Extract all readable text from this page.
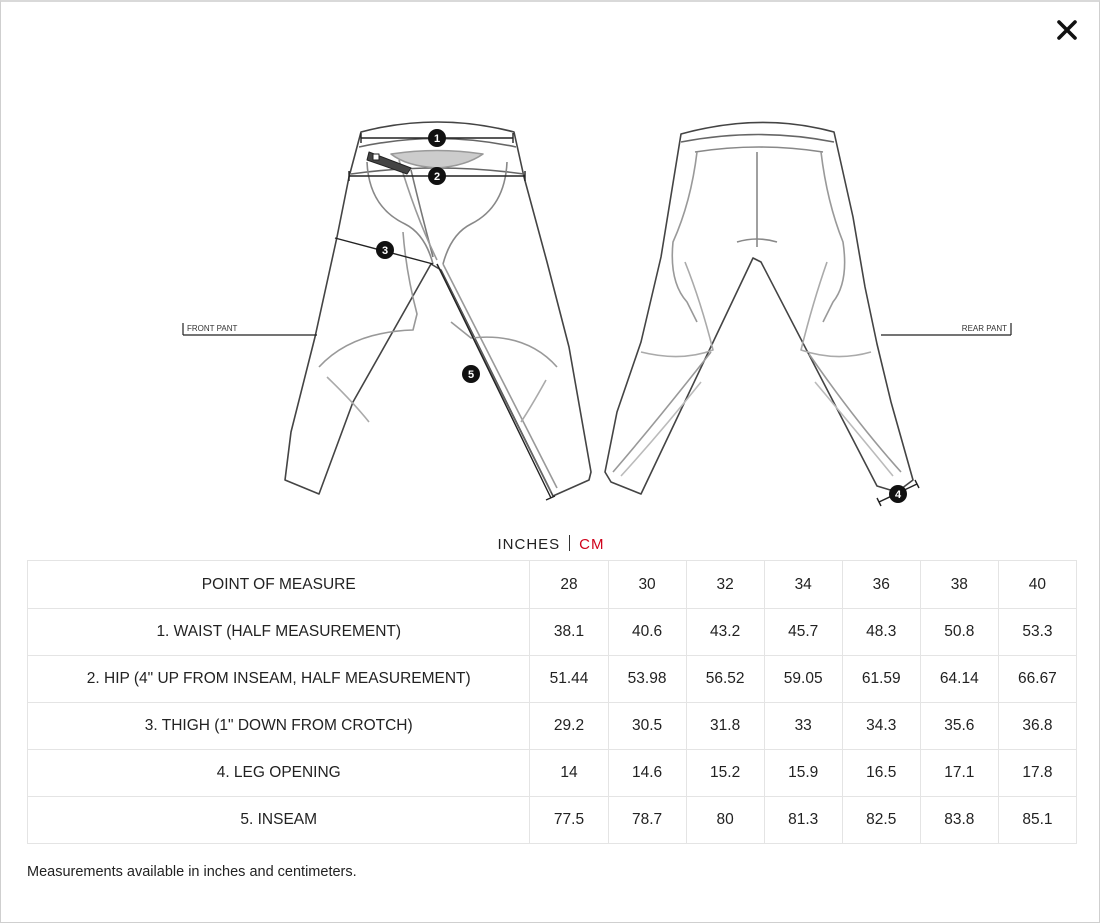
1
2
3
5
4
FRONT PANT	REAR PANT
INCHES CM
POINT OF MEASURE	28	30	32	34	36	38	40
1. WAIST (HALF MEASUREMENT)	38.1	40.6	43.2	45.7	48.3	50.8	53.3
2. HIP (4" UP FROM INSEAM, HALF MEASUREMENT)	51.44	53.98	56.52	59.05	61.59	64.14	66.67
3. THIGH (1" DOWN FROM CROTCH)	29.2	30.5	31.8	33	34.3	35.6	36.8
4. LEG OPENING	14	14.6	15.2	15.9	16.5	17.1	17.8
5. INSEAM	77.5	78.7	80	81.3	82.5	83.8	85.1
Measurements available in inches and centimeters.
